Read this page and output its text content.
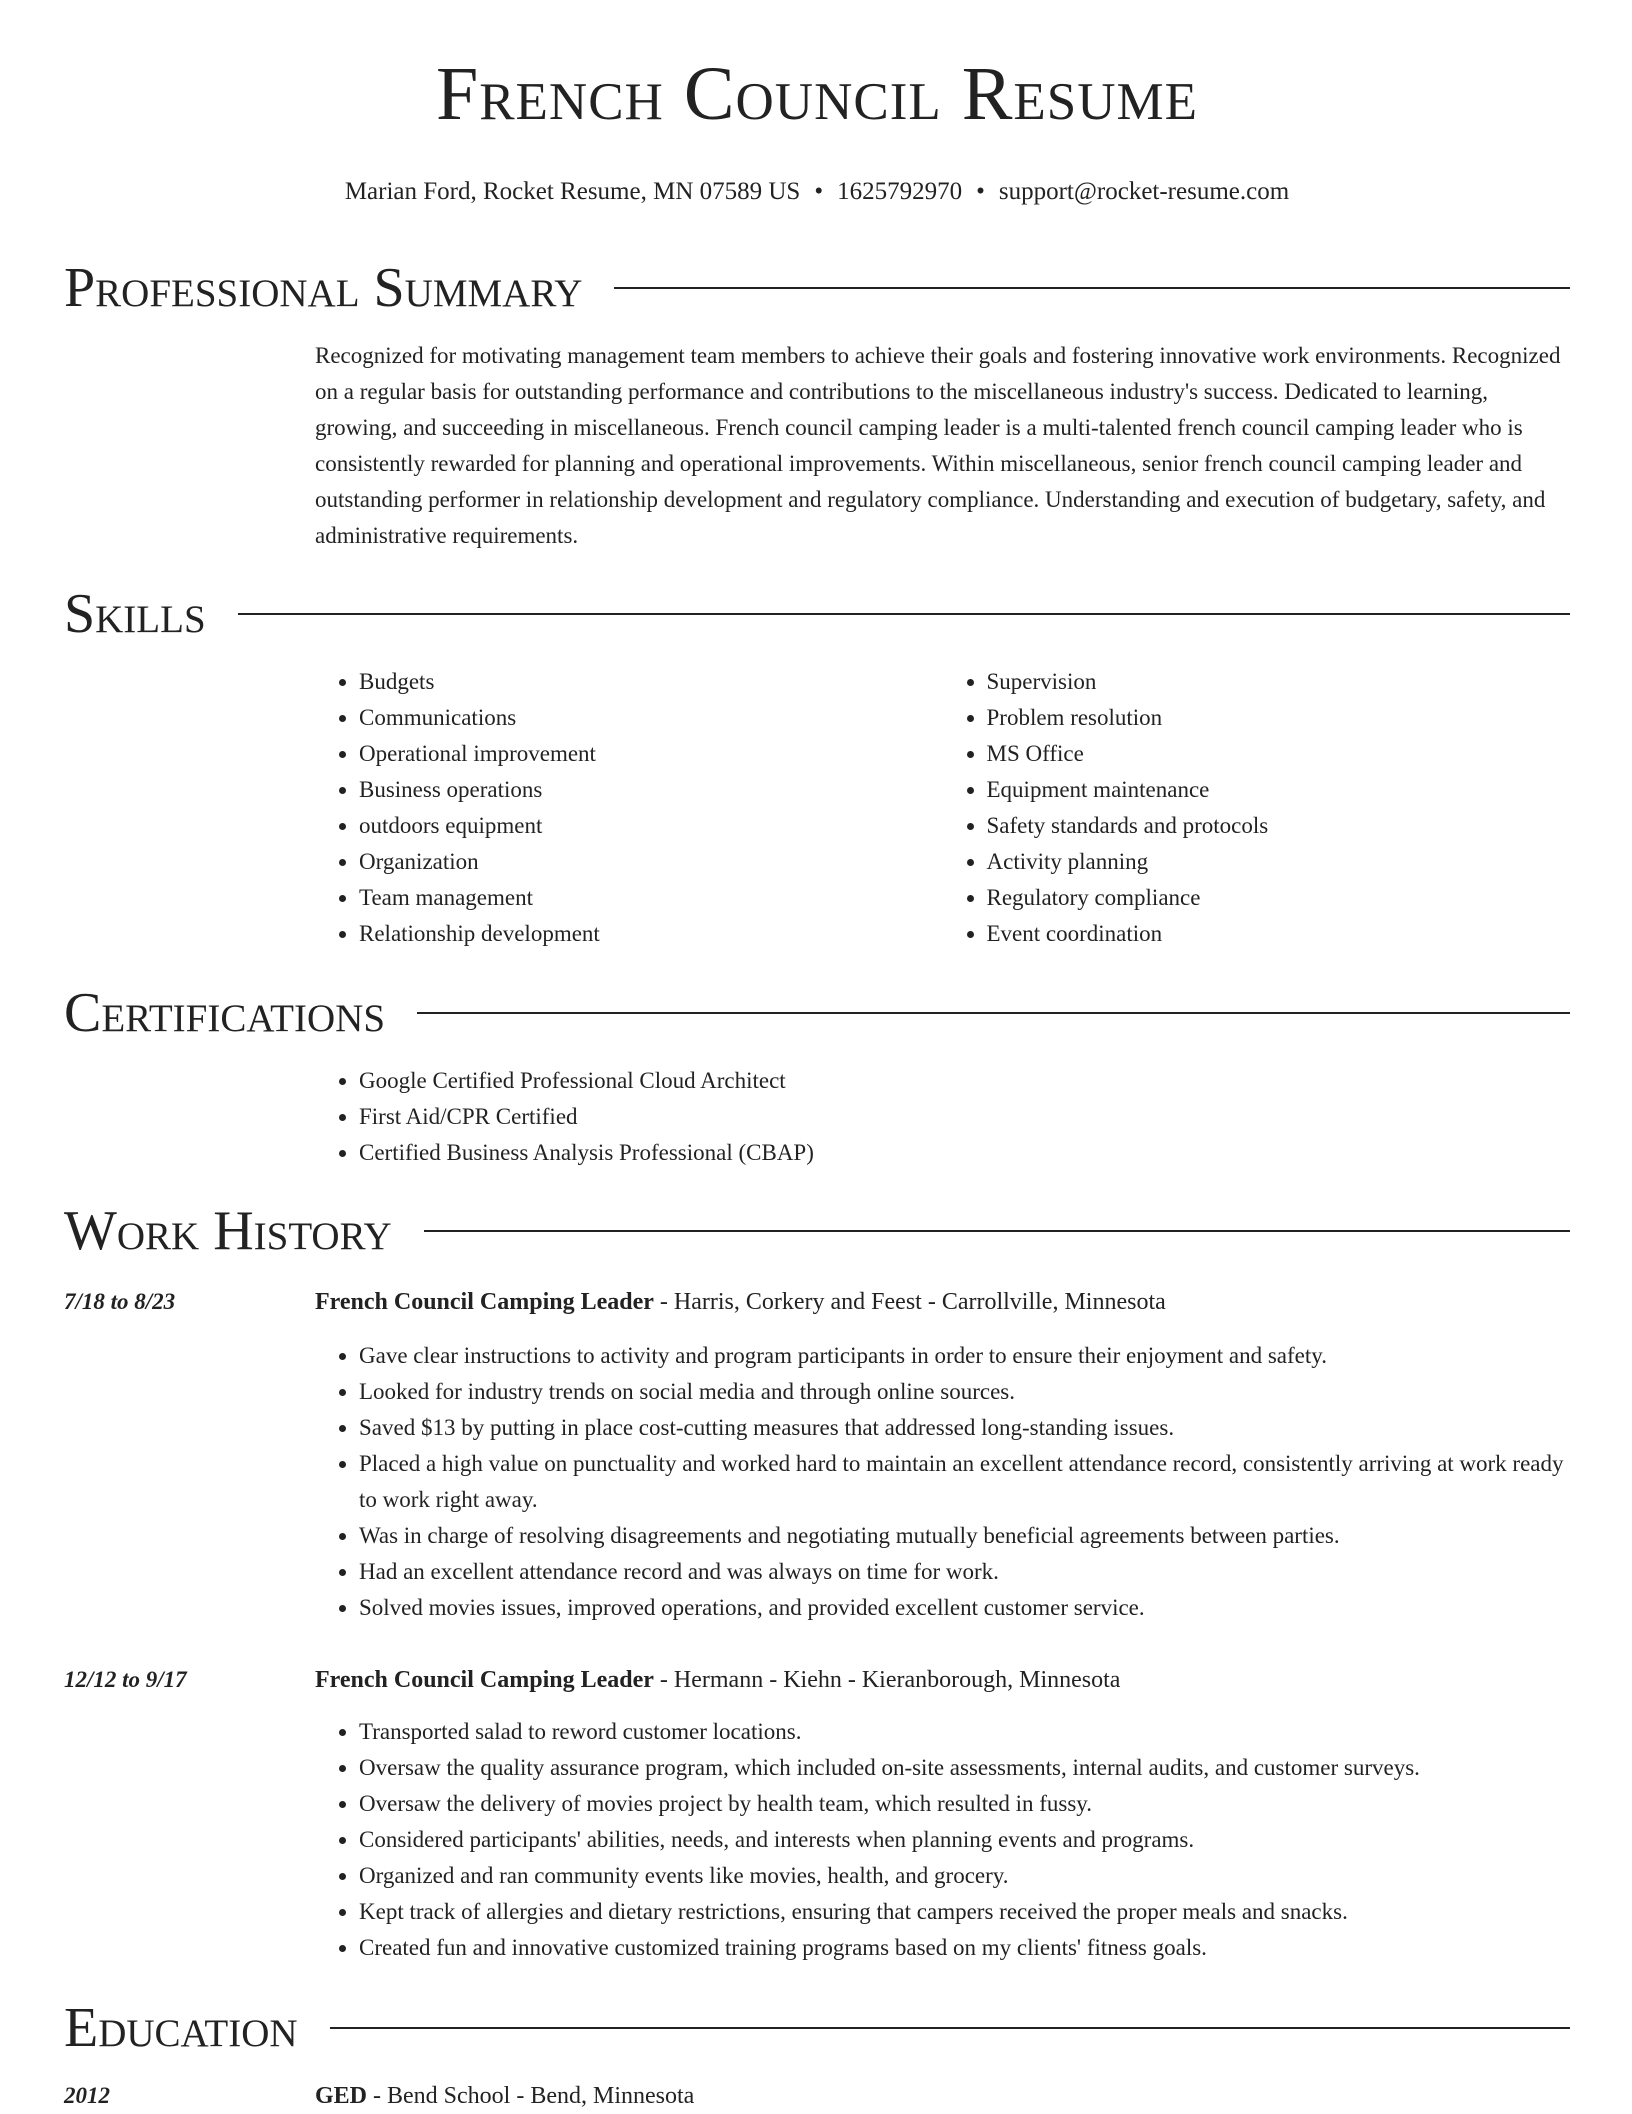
French Council Resume
Marian Ford, Rocket Resume, MN 07589 US • 1625792970 • support@rocket-resume.com
Professional Summary

Recognized for motivating management team members to achieve their goals and fostering innovative work environments. Recognized on a regular basis for outstanding performance and contributions to the miscellaneous industry's success. Dedicated to learning, growing, and succeeding in miscellaneous. French council camping leader is a multi-talented french council camping leader who is consistently rewarded for planning and operational improvements. Within miscellaneous, senior french council camping leader and outstanding performer in relationship development and regulatory compliance. Understanding and execution of budgetary, safety, and administrative requirements.

Skills
• Budgets
• Communications
• Operational improvement
• Business operations
• outdoors equipment
• Organization
• Team management
• Relationship development
• Supervision
• Problem resolution
• MS Office
• Equipment maintenance
• Safety standards and protocols
• Activity planning
• Regulatory compliance
• Event coordination
Certifications
• Google Certified Professional Cloud Architect
• First Aid/CPR Certified
• Certified Business Analysis Professional (CBAP)
Work History
7/18 to 8/23	French Council Camping Leader - Harris, Corkery and Feest - Carrollville, Minnesota
• Gave clear instructions to activity and program participants in order to ensure their enjoyment and safety.
• Looked for industry trends on social media and through online sources.
• Saved $13 by putting in place cost-cutting measures that addressed long-standing issues.
• Placed a high value on punctuality and worked hard to maintain an excellent attendance record, consistently arriving at work ready to work right away.
• Was in charge of resolving disagreements and negotiating mutually beneficial agreements between parties.
• Had an excellent attendance record and was always on time for work.
• Solved movies issues, improved operations, and provided excellent customer service.
12/12 to 9/17	French Council Camping Leader - Hermann - Kiehn - Kieranborough, Minnesota
• Transported salad to reword customer locations.
• Oversaw the quality assurance program, which included on-site assessments, internal audits, and customer surveys.
• Oversaw the delivery of movies project by health team, which resulted in fussy.
• Considered participants' abilities, needs, and interests when planning events and programs.
• Organized and ran community events like movies, health, and grocery.
• Kept track of allergies and dietary restrictions, ensuring that campers received the proper meals and snacks.
• Created fun and innovative customized training programs based on my clients' fitness goals.
Education
2012	GED - Bend School - Bend, Minnesota
